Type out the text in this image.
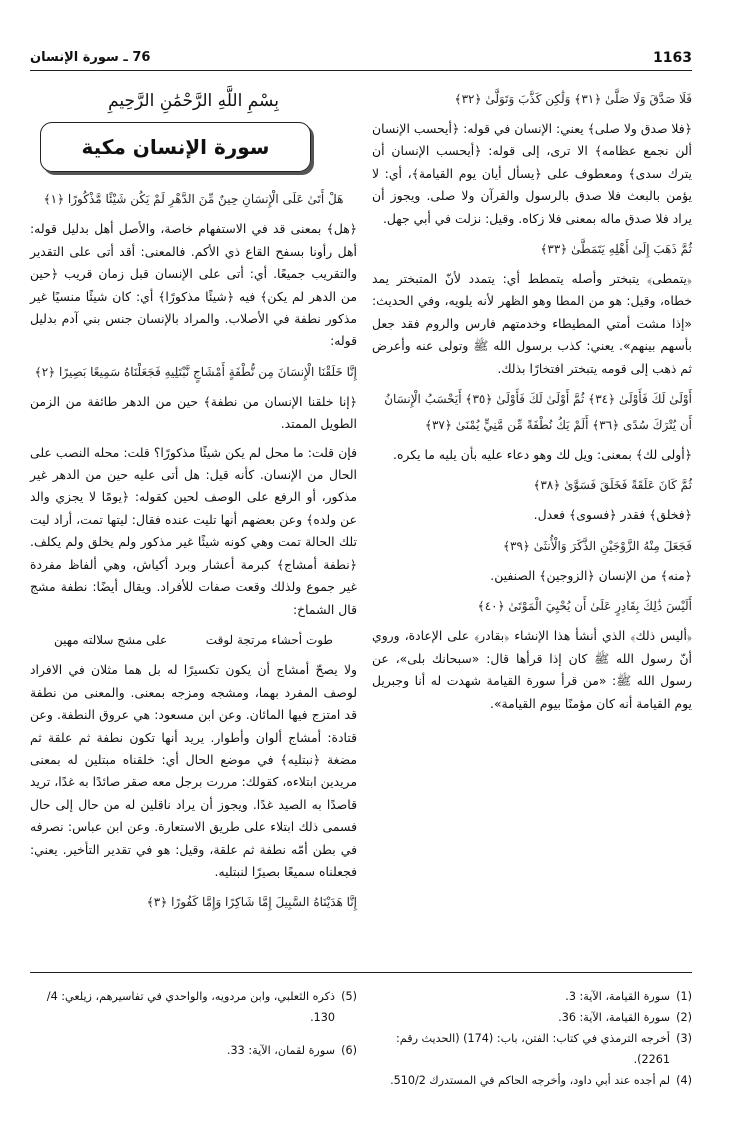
1163
76 ـ سورة الإنسان
فَلَا صَدَّقَ وَلَا صَلَّىٰ ﴿٣١﴾ وَلَٰكِن كَذَّبَ وَتَوَلَّىٰ ﴿٣٢﴾
﴿فلا صدق ولا صلى﴾ يعني: الإنسان في قوله: ﴿أيحسب الإنسان ألن نجمع عظامه﴾ الا ترى، إلى قوله: ﴿أيحسب الإنسان أن يترك سدى﴾ ومعطوف على ﴿يسأل أيان يوم القيامة﴾، أي: لا يؤمن بالبعث فلا صدق بالرسول والقرآن ولا صلى. ويجوز أن يراد فلا صدق ماله بمعنى فلا زكاه. وقيل: نزلت في أبي جهل.
ثُمَّ ذَهَبَ إِلَىٰ أَهْلِهِ يَتَمَطَّىٰ ﴿٣٣﴾
﴿يتمطى﴾ يتبختر وأصله يتمطط أي: يتمدد لأنّ المتبختر يمد خطاه، وقيل: هو من المطا وهو الظهر لأنه يلويه، وفي الحديث: «إذا مشت أمتي المطيطاء وخدمتهم فارس والروم فقد جعل بأسهم بينهم». يعني: كذب برسول الله ﷺ وتولى عنه وأعرض ثم ذهب إلى قومه يتبختر افتخارًا بذلك.
أَوْلَىٰ لَكَ فَأَوْلَىٰ ﴿٣٤﴾ ثُمَّ أَوْلَىٰ لَكَ فَأَوْلَىٰ ﴿٣٥﴾ أَيَحْسَبُ الْإِنسَانُ أَن يُتْرَكَ سُدًى ﴿٣٦﴾ أَلَمْ يَكُ نُطْفَةً مِّن مَّنِيٍّ يُمْنَىٰ ﴿٣٧﴾
﴿أولى لك﴾ بمعنى: ويل لك وهو دعاء عليه بأن يليه ما يكره.
ثُمَّ كَانَ عَلَقَةً فَخَلَقَ فَسَوَّىٰ ﴿٣٨﴾
﴿فخلق﴾ فقدر ﴿فسوى﴾ فعدل.
فَجَعَلَ مِنْهُ الزَّوْجَيْنِ الذَّكَرَ وَالْأُنثَىٰ ﴿٣٩﴾
﴿منه﴾ من الإنسان ﴿الزوجين﴾ الصنفين.
أَلَيْسَ ذَٰلِكَ بِقَادِرٍ عَلَىٰ أَن يُحْيِيَ الْمَوْتَىٰ ﴿٤٠﴾
﴿أليس ذلك﴾ الذي أنشأ هذا الإنشاء ﴿بقادر﴾ على الإعادة، وروي أنّ رسول الله ﷺ كان إذا قرأها قال: «سبحانك بلى»، عن رسول الله ﷺ: «من قرأ سورة القيامة شهدت له أنا وجبريل يوم القيامة أنه كان مؤمنًا بيوم القيامة».
بِسْمِ اللَّهِ الرَّحْمَٰنِ الرَّحِيمِ
سورة الإنسان مكية
هَلْ أَتَىٰ عَلَى الْإِنسَانِ حِينٌ مِّنَ الدَّهْرِ لَمْ يَكُن شَيْئًا مَّذْكُورًا ﴿١﴾
﴿هل﴾ بمعنى قد في الاستفهام خاصة، والأصل أهل بدليل قوله: أهل رأونا بسفح القاع ذي الأكم. فالمعنى: أقد أتى على التقدير والتقريب جميعًا. أي: أتى على الإنسان قبل زمان قريب ﴿حين من الدهر لم يكن﴾ فيه ﴿شيئًا مذكورًا﴾ أي: كان شيئًا منسيًا غير مذكور نطفة في الأصلاب. والمراد بالإنسان جنس بني آدم بدليل قوله:
إِنَّا خَلَقْنَا الْإِنسَانَ مِن نُّطْفَةٍ أَمْشَاجٍ نَّبْتَلِيهِ فَجَعَلْنَاهُ سَمِيعًا بَصِيرًا ﴿٢﴾
﴿إنا خلقنا الإنسان من نطفة﴾ حين من الدهر طائفة من الزمن الطويل الممتد.
فإن قلت: ما محل لم يكن شيئًا مذكورًا؟ قلت: محله النصب على الحال من الإنسان. كأنه قيل: هل أتى عليه حين من الدهر غير مذكور، أو الرفع على الوصف لحين كقوله: ﴿يومًا لا يجزي والد عن ولده﴾ وعن بعضهم أنها تليت عنده فقال: ليتها تمت، أراد ليت تلك الحالة تمت وهي كونه شيئًا غير مذكور ولم يخلق ولم يكلف. ﴿نطفة أمشاج﴾ كبرمة أعشار وبرد أكياش، وهي ألفاظ مفردة غير جموع ولذلك وقعت صفات للأفراد. ويقال أيضًا: نطفة مشج قال الشماخ:
طوت أحشاء مرتجة لوقت
على مشج سلالته مهين
ولا يصحّ أمشاج أن يكون تكسيرًا له بل هما مثلان في الافراد لوصف المفرد بهما، ومشجه ومزجه بمعنى. والمعنى من نطفة قد امتزج فيها المائان. وعن ابن مسعود: هي عروق النطفة. وعن قتادة: أمشاج ألوان وأطوار. يريد أنها تكون نطفة ثم علقة ثم مضغة ﴿نبتليه﴾ في موضع الحال أي: خلقناه مبتلين له بمعنى مريدين ابتلاءه، كقولك: مررت برجل معه صقر صائدًا به غدًا، تريد قاصدًا به الصيد غدًا. ويجوز أن يراد ناقلين له من حال إلى حال فسمى ذلك ابتلاء على طريق الاستعارة. وعن ابن عباس: نصرفه في بطن أمّه نطفة ثم علقة، وقيل: هو في تقدير التأخير. يعني: فجعلناه سميعًا بصيرًا لنبتليه.
إِنَّا هَدَيْنَاهُ السَّبِيلَ إِمَّا شَاكِرًا وَإِمَّا كَفُورًا ﴿٣﴾
(1)
سورة القيامة، الآية: 3.
(2)
سورة القيامة، الآية: 36.
(3)
أخرجه الترمذي في كتاب: الفتن، باب: (174) (الحديث رقم: 2261).
(4)
لم أجده عند أبي داود، وأخرجه الحاكم في المستدرك 510/2.
(5)
ذكره الثعلبي، وابن مردويه، والواحدي في تفاسيرهم، زيلعي: 4/ 130.
(6)
سورة لقمان، الآية: 33.
